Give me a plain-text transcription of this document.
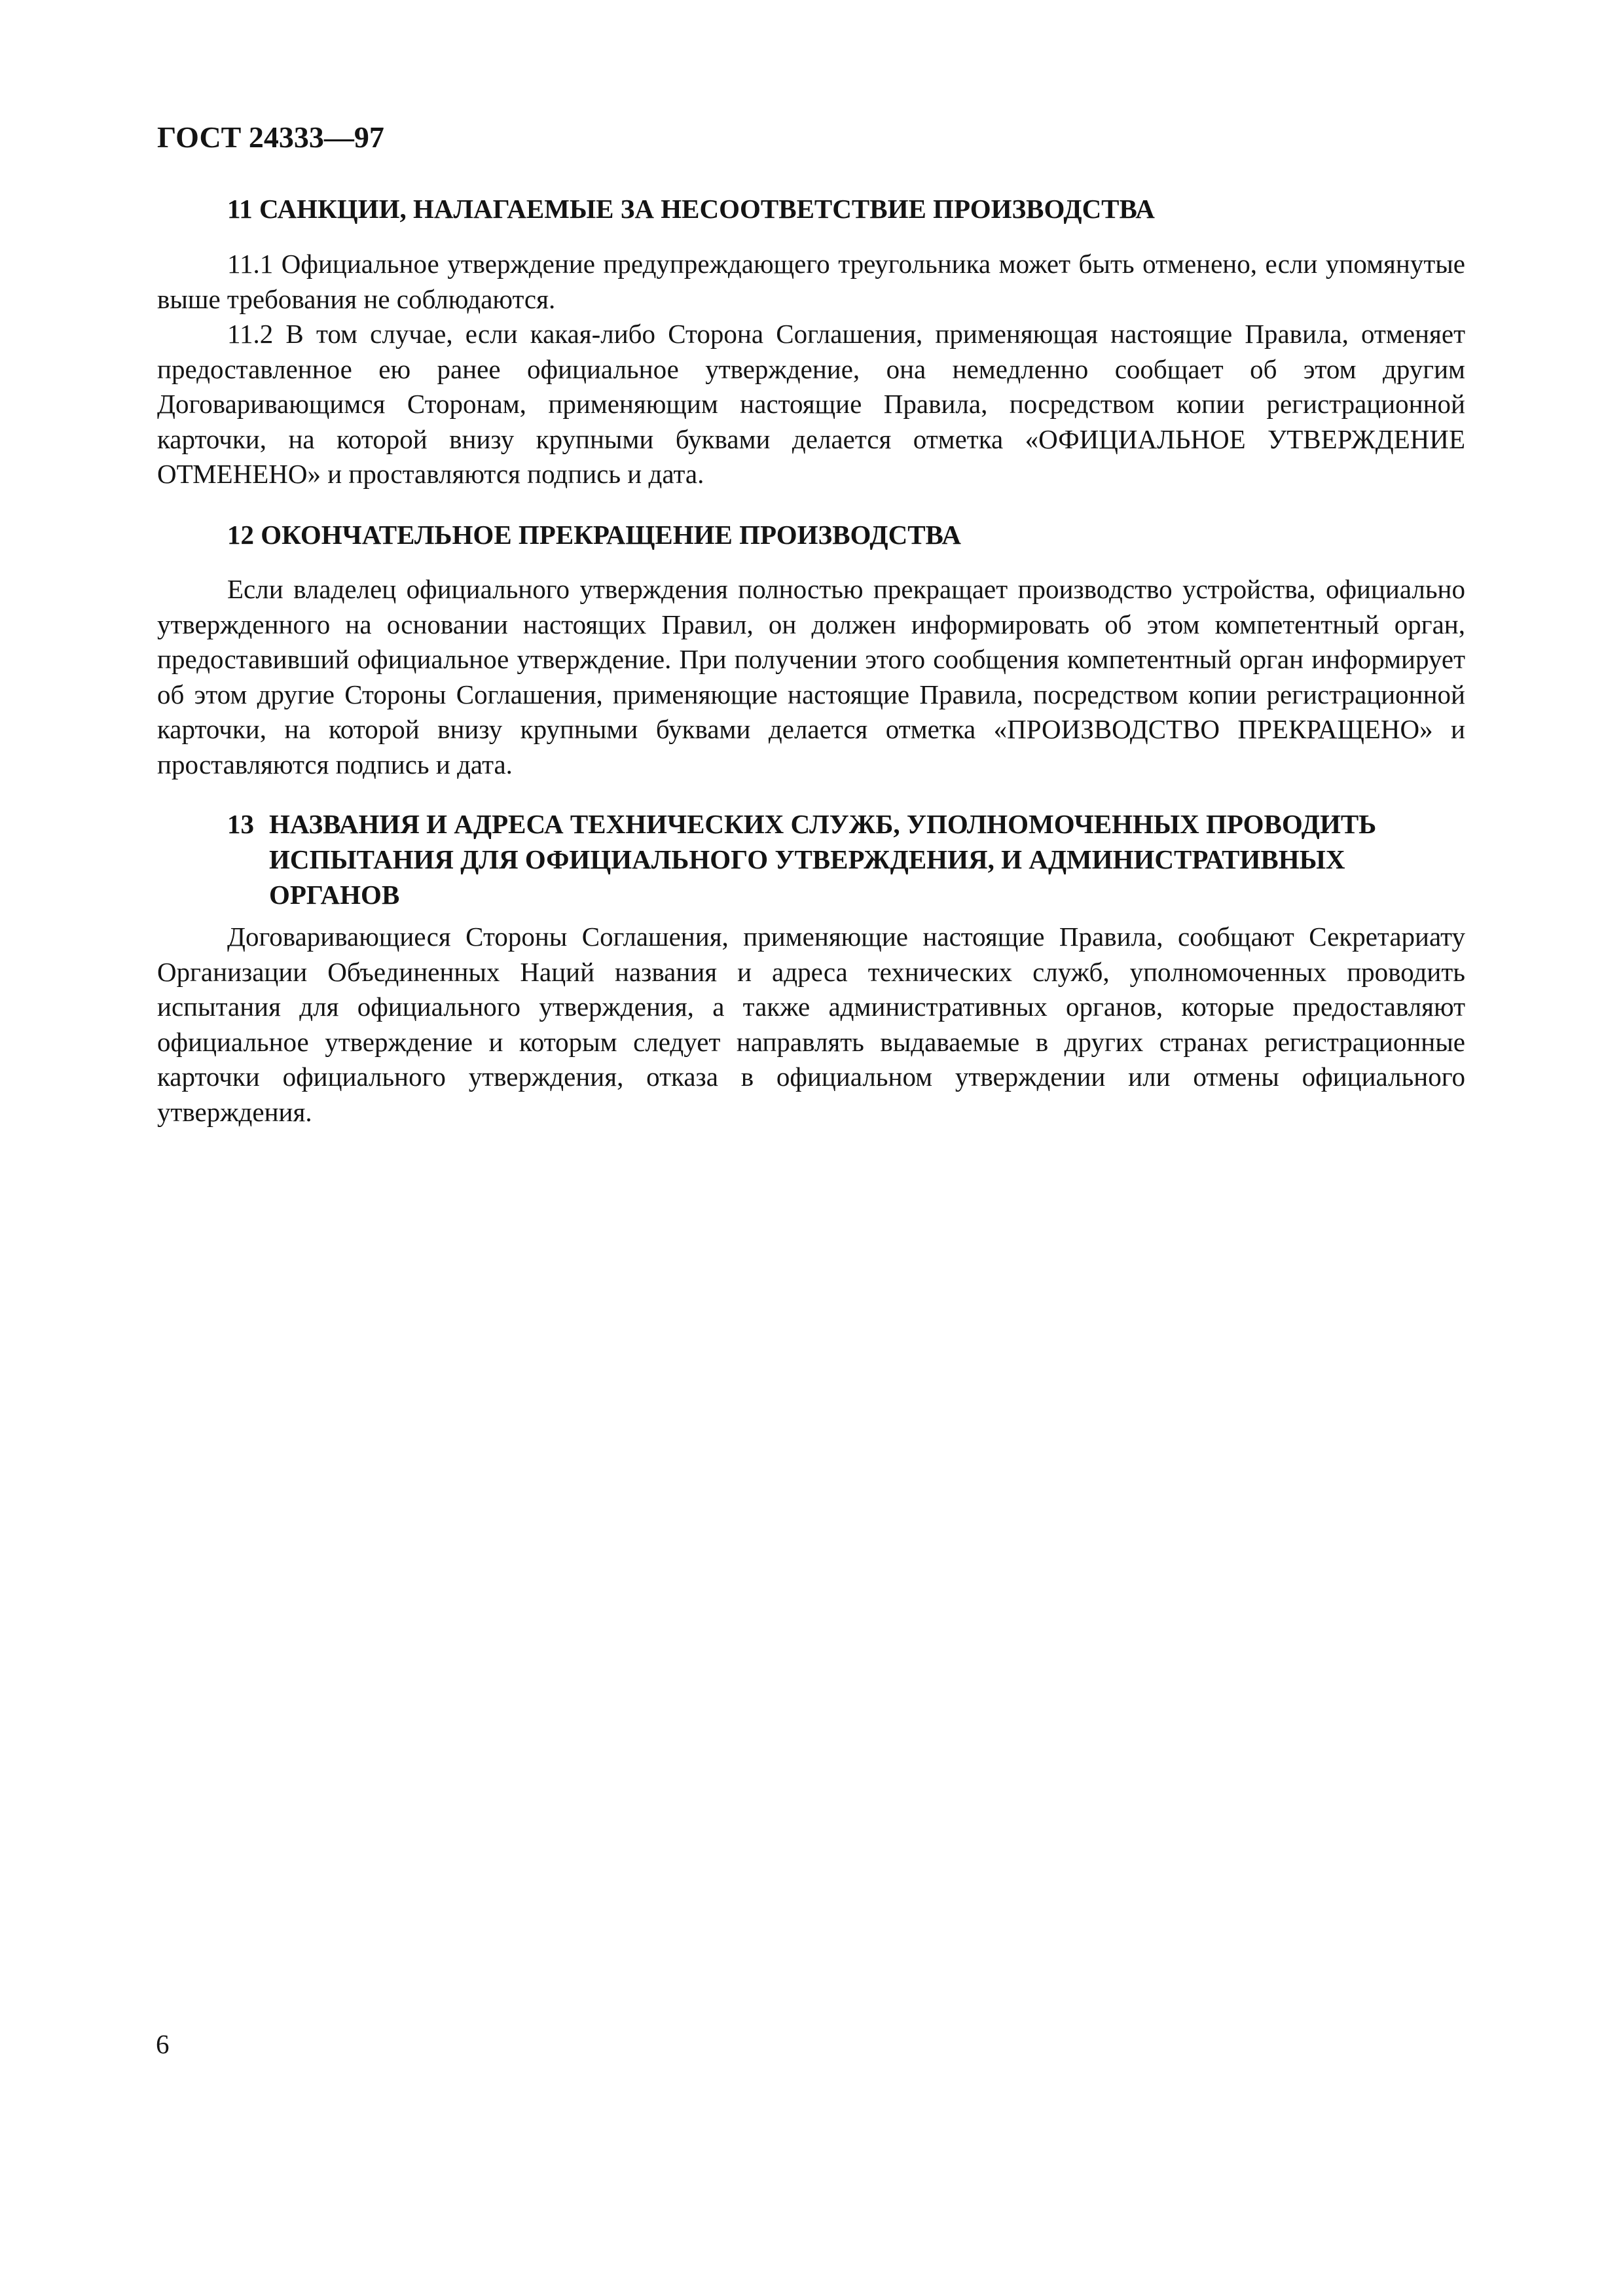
ГОСТ 24333—97
11 САНКЦИИ, НАЛАГАЕМЫЕ ЗА НЕСООТВЕТСТВИЕ ПРОИЗВОДСТВА

11.1 Официальное утверждение предупреждающего треугольника может быть отменено, если упомянутые выше требования не соблюдаются.

11.2 В том случае, если какая-либо Сторона Соглашения, применяющая настоящие Правила, отменяет предоставленное ею ранее официальное утверждение, она немедленно сообщает об этом другим Договаривающимся Сторонам, применяющим настоящие Правила, посредством копии регистрационной карточки, на которой внизу крупными буквами делается отметка «ОФИЦИАЛЬНОЕ УТВЕРЖДЕНИЕ ОТМЕНЕНО» и проставляются подпись и дата.

12 ОКОНЧАТЕЛЬНОЕ ПРЕКРАЩЕНИЕ ПРОИЗВОДСТВА

Если владелец официального утверждения полностью прекращает производство устройства, официально утвержденного на основании настоящих Правил, он должен информировать об этом компетентный орган, предоставивший официальное утверждение. При получении этого сообщения компетентный орган информирует об этом другие Стороны Соглашения, применяющие настоящие Правила, посредством копии регистрационной карточки, на которой внизу крупными буквами делается отметка «ПРОИЗВОДСТВО ПРЕКРАЩЕНО» и проставляются подпись и дата.

13 НАЗВАНИЯ И АДРЕСА ТЕХНИЧЕСКИХ СЛУЖБ, УПОЛНОМОЧЕННЫХ ПРОВОДИТЬ ИСПЫТАНИЯ ДЛЯ ОФИЦИАЛЬНОГО УТВЕРЖДЕНИЯ, И АДМИНИСТРАТИВНЫХ ОРГАНОВ

Договаривающиеся Стороны Соглашения, применяющие настоящие Правила, сообщают Секретариату Организации Объединенных Наций названия и адреса технических служб, уполномоченных проводить испытания для официального утверждения, а также административных органов, которые предоставляют официальное утверждение и которым следует направлять выдаваемые в других странах регистрационные карточки официального утверждения, отказа в официальном утверждении или отмены официального утверждения.

6
